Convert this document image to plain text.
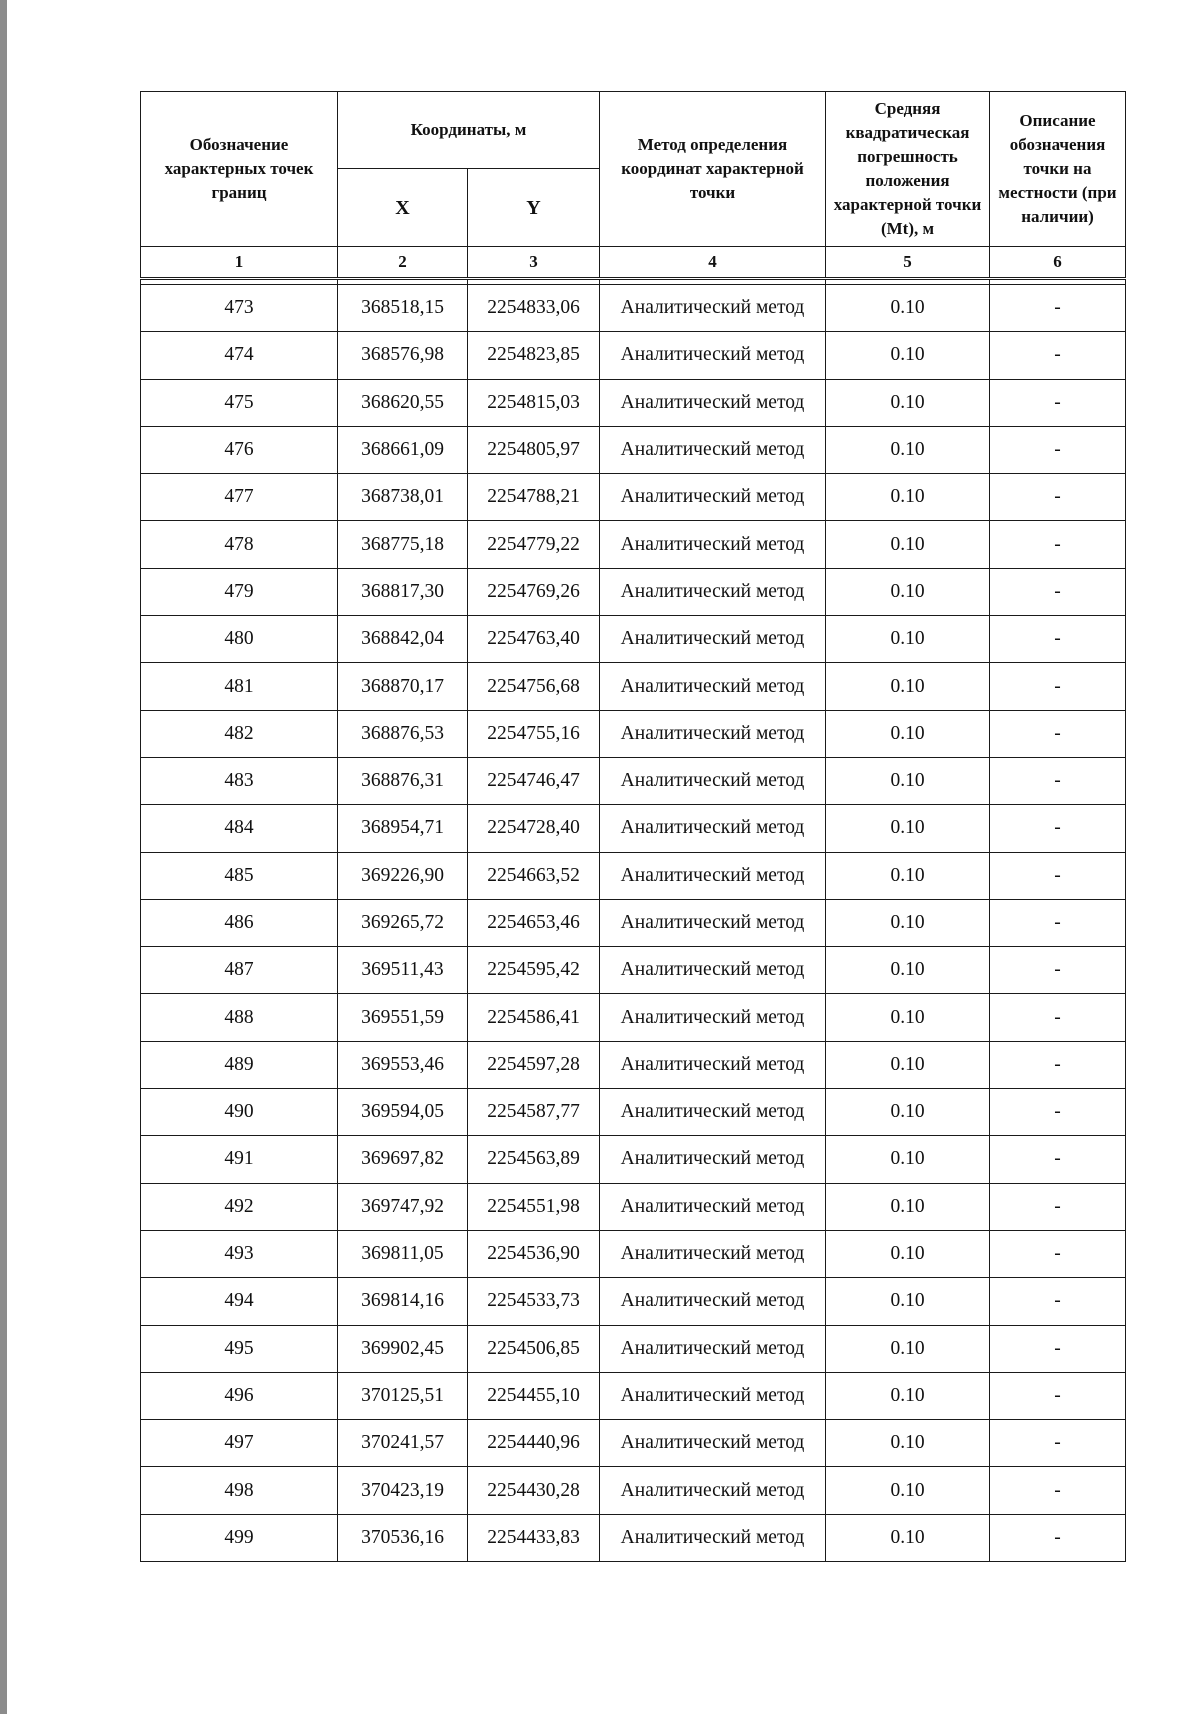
Обозначение характерных точек границ	Координаты, м		Метод определения координат характерной точки	Средняя квадратическая погрешность положения характерной точки (Mt), м	Описание обозначения точки на местности (при наличии)
	X	Y			
1	2	3	4	5	6

473	368518,15	2254833,06	Аналитический метод	0.10	-
474	368576,98	2254823,85	Аналитический метод	0.10	-
475	368620,55	2254815,03	Аналитический метод	0.10	-
476	368661,09	2254805,97	Аналитический метод	0.10	-
477	368738,01	2254788,21	Аналитический метод	0.10	-
478	368775,18	2254779,22	Аналитический метод	0.10	-
479	368817,30	2254769,26	Аналитический метод	0.10	-
480	368842,04	2254763,40	Аналитический метод	0.10	-
481	368870,17	2254756,68	Аналитический метод	0.10	-
482	368876,53	2254755,16	Аналитический метод	0.10	-
483	368876,31	2254746,47	Аналитический метод	0.10	-
484	368954,71	2254728,40	Аналитический метод	0.10	-
485	369226,90	2254663,52	Аналитический метод	0.10	-
486	369265,72	2254653,46	Аналитический метод	0.10	-
487	369511,43	2254595,42	Аналитический метод	0.10	-
488	369551,59	2254586,41	Аналитический метод	0.10	-
489	369553,46	2254597,28	Аналитический метод	0.10	-
490	369594,05	2254587,77	Аналитический метод	0.10	-
491	369697,82	2254563,89	Аналитический метод	0.10	-
492	369747,92	2254551,98	Аналитический метод	0.10	-
493	369811,05	2254536,90	Аналитический метод	0.10	-
494	369814,16	2254533,73	Аналитический метод	0.10	-
495	369902,45	2254506,85	Аналитический метод	0.10	-
496	370125,51	2254455,10	Аналитический метод	0.10	-
497	370241,57	2254440,96	Аналитический метод	0.10	-
498	370423,19	2254430,28	Аналитический метод	0.10	-
499	370536,16	2254433,83	Аналитический метод	0.10	-
